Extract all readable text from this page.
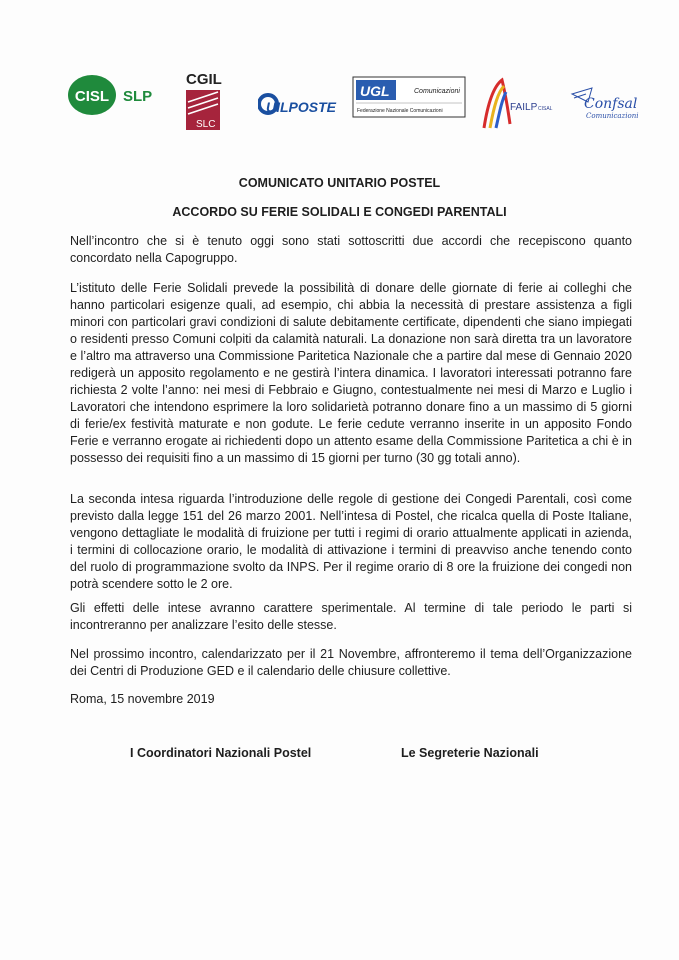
CISL SLP
CGIL
SLC
UILPOSTE
UGL	Comunicazioni
Federazione Nazionale Comunicazioni	FAILP CISAL Confsal
Comunicazioni
COMUNICATO UNITARIO POSTEL
ACCORDO SU FERIE SOLIDALI E CONGEDI PARENTALI

Nell’incontro che si è tenuto oggi sono stati sottoscritti due accordi che recepiscono quanto concordato nella Capogruppo.

L’istituto delle Ferie Solidali prevede la possibilità di donare delle giornate di ferie ai colleghi che hanno particolari esigenze quali, ad esempio, chi abbia la necessità di prestare assistenza a figli minori con particolari gravi condizioni di salute debitamente certificate, dipendenti che siano impiegati o residenti presso Comuni colpiti da calamità naturali. La donazione non sarà diretta tra un lavoratore e l’altro ma attraverso una Commissione Paritetica Nazionale che a partire dal mese di Gennaio 2020 redigerà un apposito regolamento e ne gestirà l’intera dinamica. I lavoratori interessati potranno fare richiesta 2 volte l’anno: nei mesi di Febbraio e Giugno, contestualmente nei mesi di Marzo e Luglio i Lavoratori che intendono esprimere la loro solidarietà potranno donare fino a un massimo di 5 giorni di ferie/ex festività maturate e non godute. Le ferie cedute verranno inserite in un apposito Fondo Ferie e verranno erogate ai richiedenti dopo un attento esame della Commissione Paritetica a chi è in possesso dei requisiti fino a un massimo di 15 giorni per turno (30 gg totali anno).

La seconda intesa riguarda l’introduzione delle regole di gestione dei Congedi Parentali, così come previsto dalla legge 151 del 26 marzo 2001. Nell’intesa di Postel, che ricalca quella di Poste Italiane, vengono dettagliate le modalità di fruizione per tutti i regimi di orario attualmente applicati in azienda, i termini di collocazione orario, le modalità di attivazione i termini di preavviso anche tenendo conto del ruolo di programmazione svolto da INPS. Per il regime orario di 8 ore la fruizione dei congedi non potrà scendere sotto le 2 ore.

Gli effetti delle intese avranno carattere sperimentale. Al termine di tale periodo le parti si incontreranno per analizzare l’esito delle stesse.

Nel prossimo incontro, calendarizzato per il 21 Novembre, affronteremo il tema dell’Organizzazione dei Centri di Produzione GED e il calendario delle chiusure collettive.

Roma, 15 novembre 2019
I Coordinatori Nazionali Postel	Le Segreterie Nazionali
